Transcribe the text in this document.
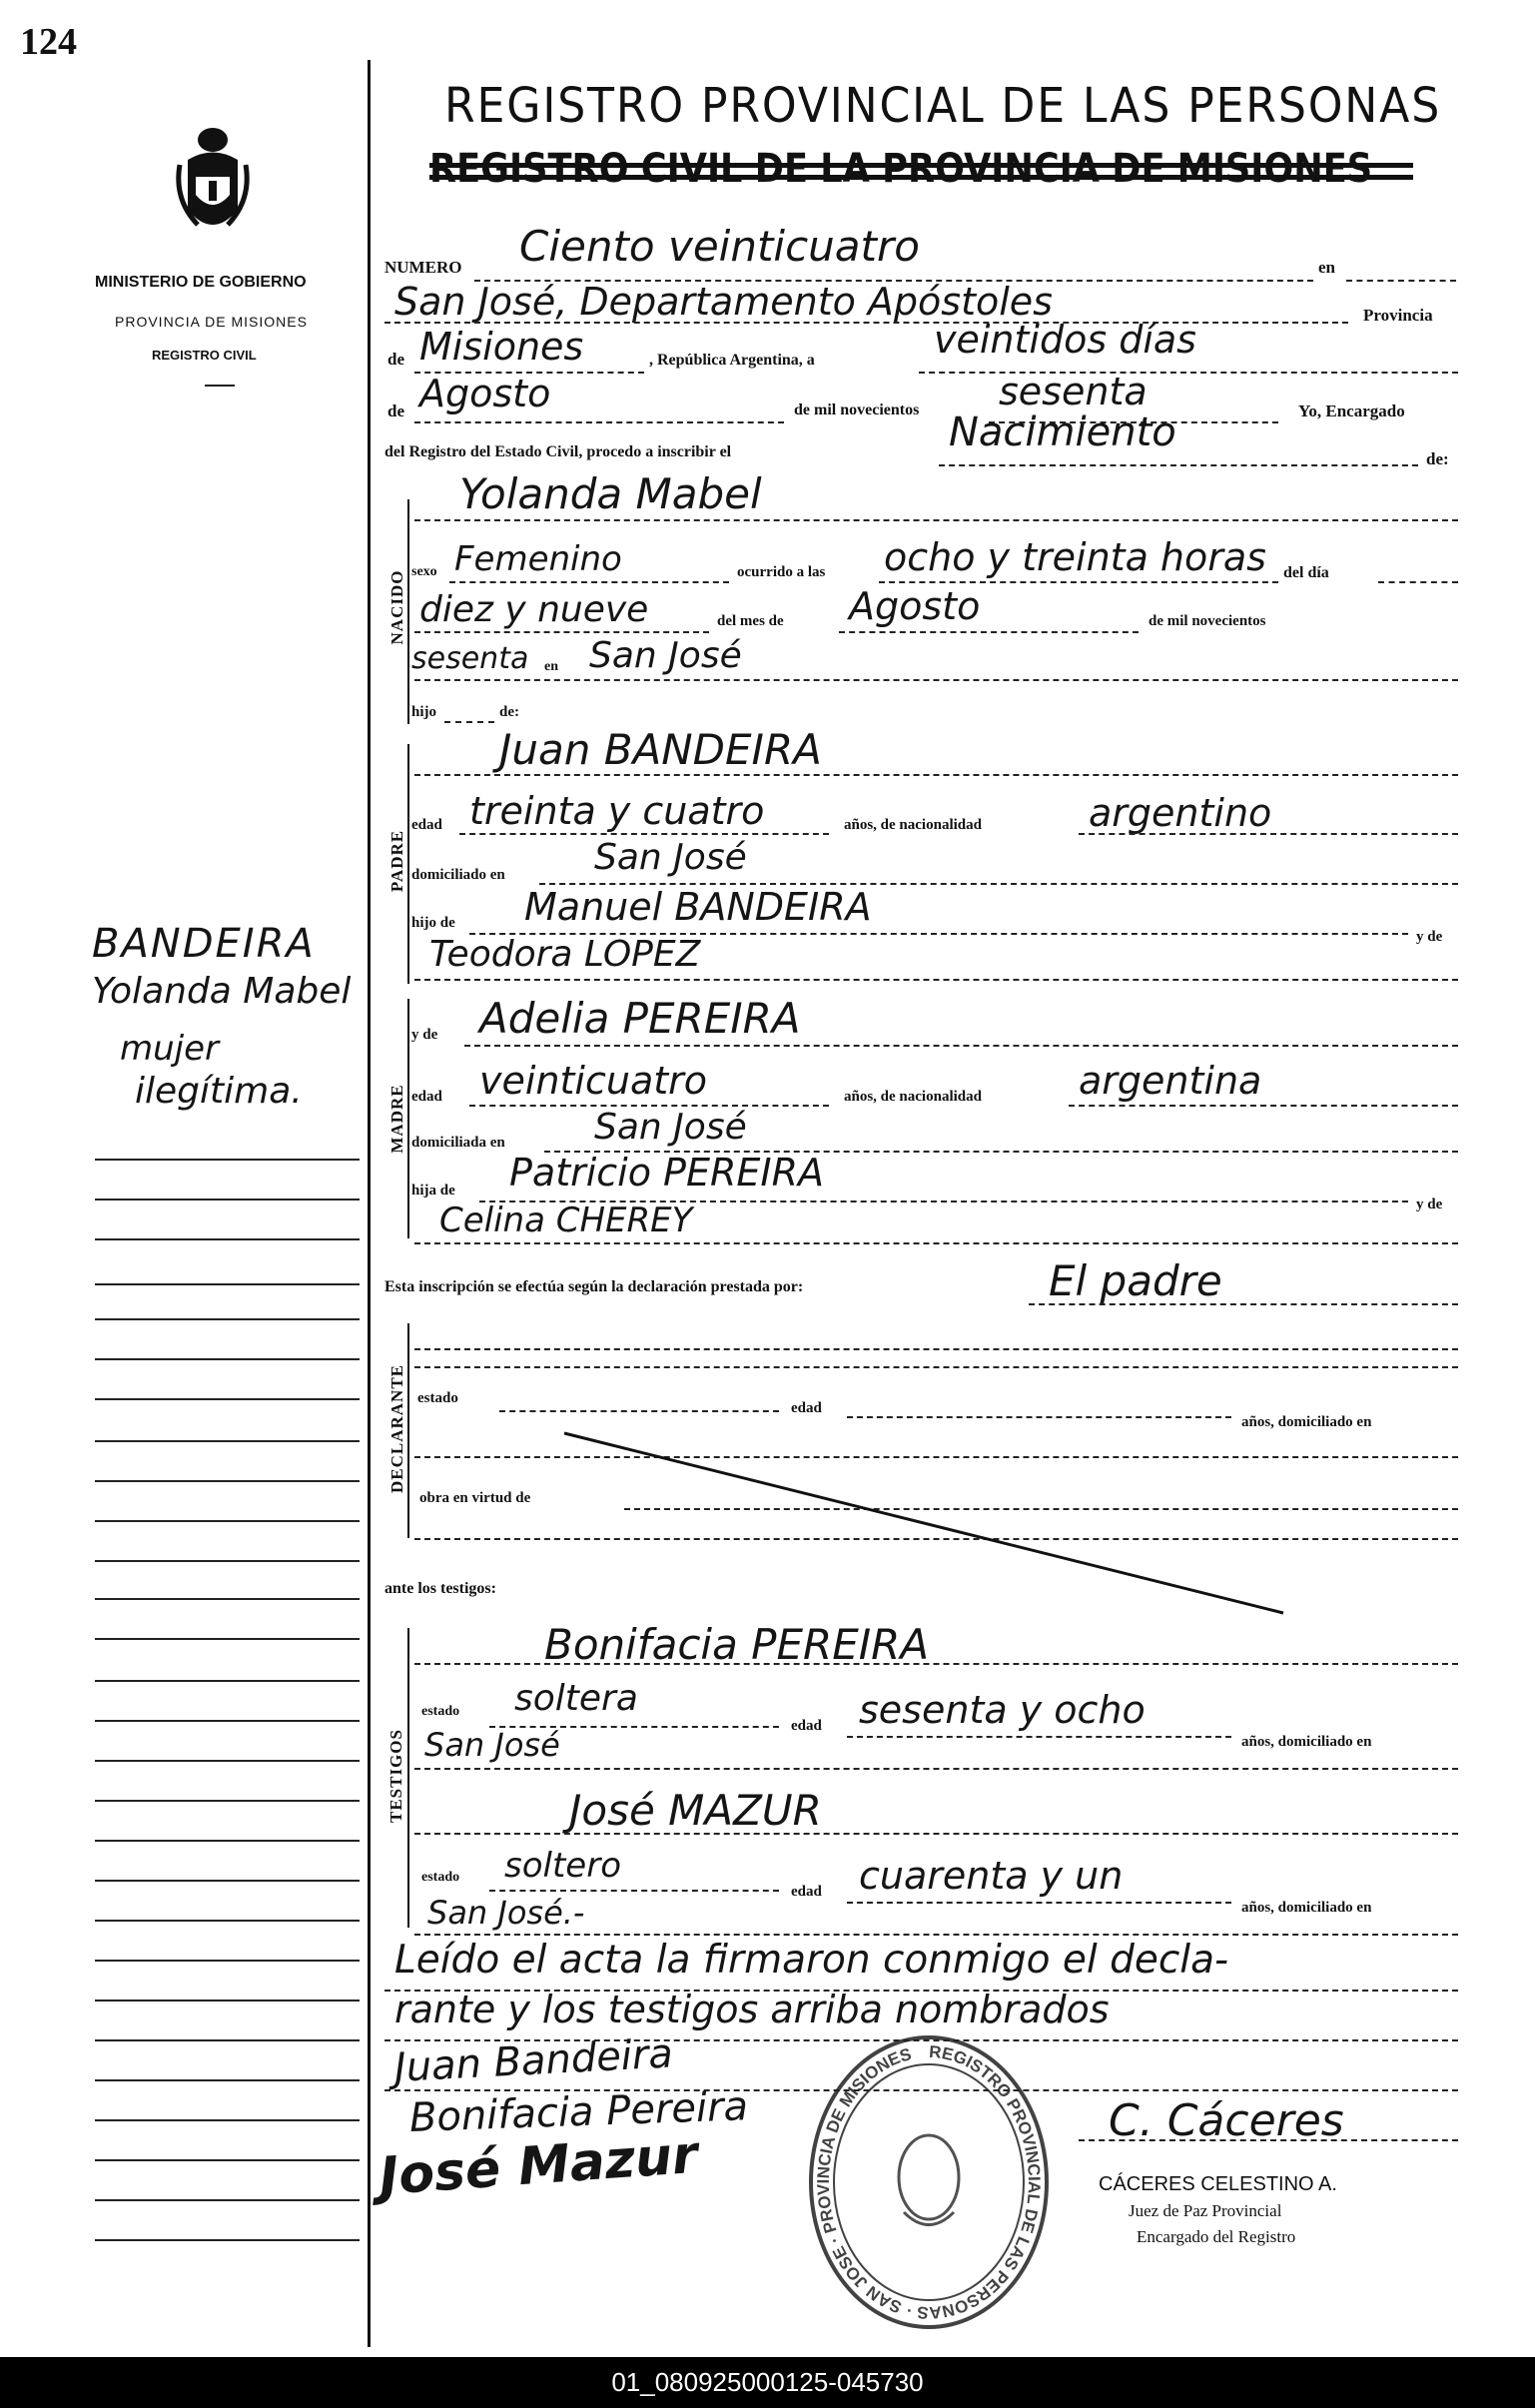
124
MINISTERIO DE GOBIERNO
PROVINCIA DE MISIONES
REGISTRO CIVIL
REGISTRO PROVINCIAL DE LAS PERSONAS
REGISTRO CIVIL DE LA PROVINCIA DE MISIONES
NUMERO Ciento veinticuatro	en
San José, Departamento Apóstoles	Provincia
de Misiones	, República Argentina, a	veintidos días
de Agosto	de mil novecientos sesenta	Yo, Encargado
del Registro del Estado Civil, procedo a inscribir el	Nacimiento
de:
NACIDO
Yolanda Mabel
sexo Femenino	ocurrido a las ocho y treinta horas del día
diez y nueve	del mes de Agosto	de mil novecientos
sesenta en San José
hijo	de:
PADRE
Juan BANDEIRA
edad treinta y cuatro	años, de nacionalidad	argentino
domiciliado en San José
hijo de Manuel BANDEIRA
y de
Teodora LOPEZ
MADRE
y de Adelia PEREIRA
edad veinticuatro	años, de nacionalidad	argentina
domiciliada en San José
hija de Patricio PEREIRA
y de
Celina CHEREY
Esta inscripción se efectúa según la declaración prestada por:	El padre
DECLARANTE estado
edad
años, domiciliado en
obra en virtud de
ante los testigos:
TESTIGOS
Bonifacia PEREIRA
estado soltera
edad sesenta y ocho
años, domiciliado en
San José
José MAZUR
estado soltero
edad cuarenta y un
años, domiciliado en
San José.-
Leído el acta la firmaron conmigo el decla-
rante y los testigos arriba nombrados
Juan Bandeira
Bonifacia Pereira
José Mazur
C. Cáceres
CÁCERES CELESTINO A.
Juez de Paz Provincial
Encargado del Registro
REGISTRO PROVINCIAL DE LAS PERSONAS · SAN JOSE · PROVINCIA DE MISIONES
BANDEIRA
Yolanda Mabel
mujer
ilegítima.
01_080925000125-045730
